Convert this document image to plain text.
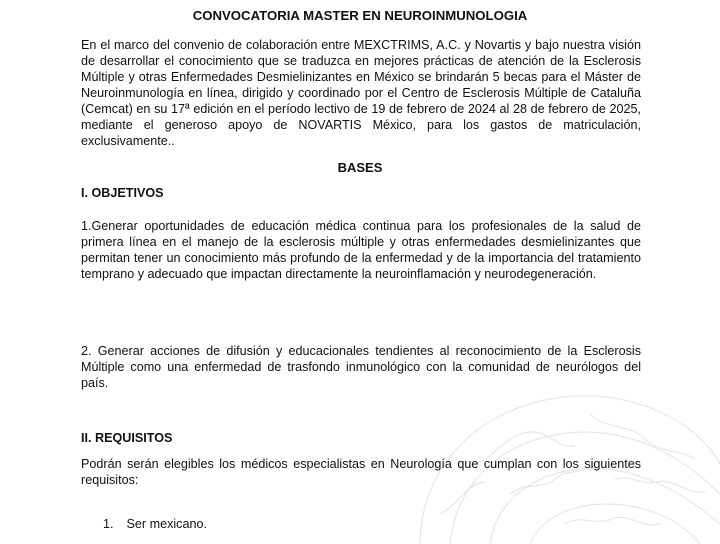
CONVOCATORIA MASTER EN NEUROINMUNOLOGIA

En el marco del convenio de colaboración entre MEXCTRIMS, A.C. y Novartis y bajo nuestra visión de desarrollar el conocimiento que se traduzca en mejores prácticas de atención de la Esclerosis Múltiple y otras Enfermedades Desmielinizantes en México se brindarán 5 becas para el Máster de Neuroinmunología en línea, dirigido y coordinado por el Centro de Esclerosis Múltiple de Cataluña (Cemcat) en su 17ª edición en el período lectivo de 19 de febrero de 2024 al 28 de febrero de 2025, mediante el generoso apoyo de NOVARTIS México, para los gastos de matriculación, exclusivamente..

BASES
I. OBJETIVOS

1.Generar oportunidades de educación médica continua para los profesionales de la salud de primera línea en el manejo de la esclerosis múltiple y otras enfermedades desmielinizantes que permitan tener un conocimiento más profundo de la enfermedad y de la importancia del tratamiento temprano y adecuado que impactan directamente la neuroinflamación y neurodegeneración.

2. Generar acciones de difusión y educacionales tendientes al reconocimiento de la Esclerosis Múltiple como una enfermedad de trasfondo inmunológico con la comunidad de neurólogos del país.

II. REQUISITOS

Podrán serán elegibles los médicos especialistas en Neurología que cumplan con los siguientes requisitos:

1. Ser mexicano.
